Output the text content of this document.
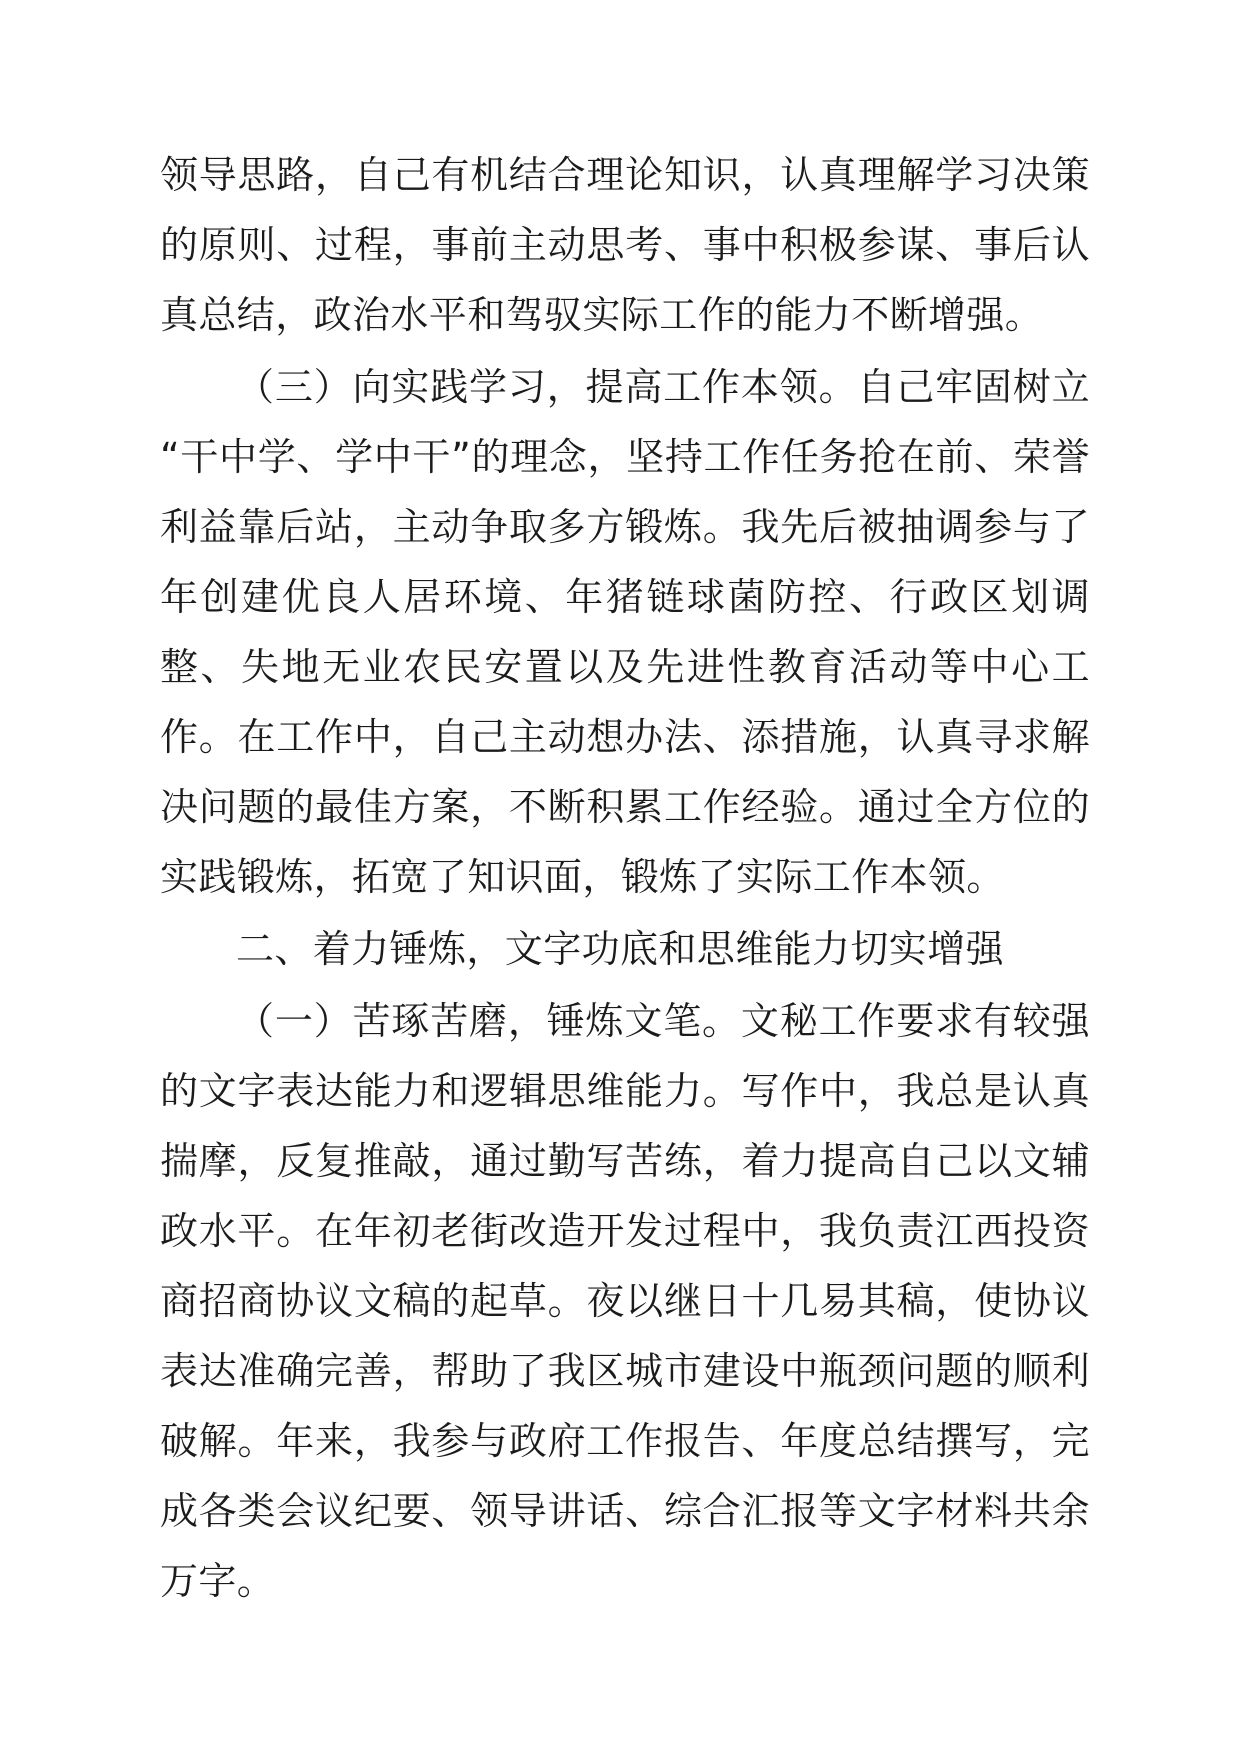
领导思路，自己有机结合理论知识，认真理解学习决策的原则、过程，事前主动思考、事中积极参谋、事后认真总结，政治水平和驾驭实际工作的能力不断增强。

（三）向实践学习，提高工作本领。自己牢固树立“干中学、学中干”的理念，坚持工作任务抢在前、荣誉利益靠后站，主动争取多方锻炼。我先后被抽调参与了年创建优良人居环境、年猪链球菌防控、行政区划调整、失地无业农民安置以及先进性教育活动等中心工作。在工作中，自己主动想办法、添措施，认真寻求解决问题的最佳方案，不断积累工作经验。通过全方位的实践锻炼，拓宽了知识面，锻炼了实际工作本领。

二、着力锤炼，文字功底和思维能力切实增强

（一）苦琢苦磨，锤炼文笔。文秘工作要求有较强的文字表达能力和逻辑思维能力。写作中，我总是认真揣摩，反复推敲，通过勤写苦练，着力提高自己以文辅政水平。在年初老街改造开发过程中，我负责江西投资商招商协议文稿的起草。夜以继日十几易其稿，使协议表达准确完善，帮助了我区城市建设中瓶颈问题的顺利破解。年来，我参与政府工作报告、年度总结撰写，完成各类会议纪要、领导讲话、综合汇报等文字材料共余万字。
